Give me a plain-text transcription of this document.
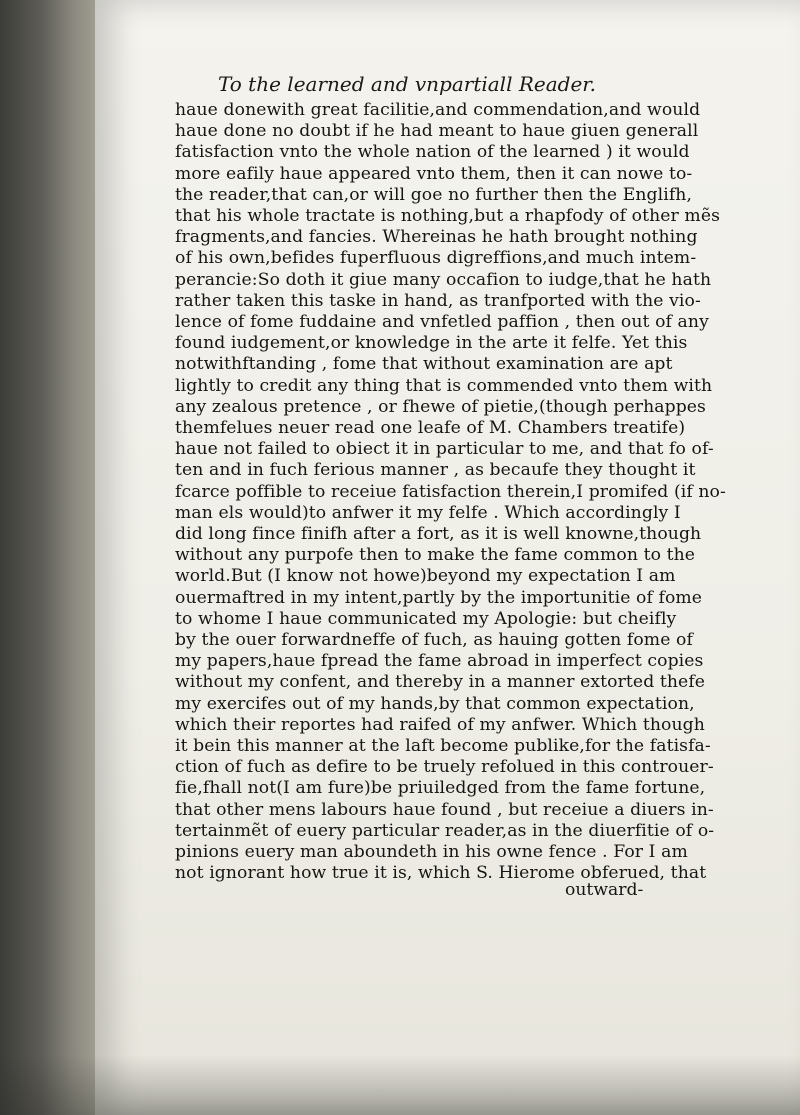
To the learned and vnpartiall Reader.
haue donewith great facilitie,and commendation,and would
haue done no doubt if he had meant to haue giuen generall
fatisfaction vnto the whole nation of the learned ) it would
more eafily haue appeared vnto them, then it can nowe to-
the reader,that can,or will goe no further then the Englifh,
that his whole tractate is nothing,but a rhapfody of other mẽs
fragments,and fancies. Whereinas he hath brought nothing
of his own,befides fuperfluous digreffions,and much intem-
perancie:So doth it giue many occafion to iudge,that he hath
rather taken this taske in hand, as tranfported with the vio-
lence of fome fuddaine and vnfetled paffion , then out of any
found iudgement,or knowledge in the arte it felfe. Yet this
notwithftanding , fome that without examination are apt
lightly to credit any thing that is commended vnto them with
any zealous pretence , or fhewe of pietie,(though perhappes
themfelues neuer read one leafe of M. Chambers treatife)
haue not failed to obiect it in particular to me, and that fo of-
ten and in fuch ferious manner , as becaufe they thought it
fcarce poffible to receiue fatisfaction therein,I promifed (if no-
man els would)to anfwer it my felfe . Which accordingly I
did long fince finifh after a fort, as it is well knowne,though
without any purpofe then to make the fame common to the
world.But (I know not howe)beyond my expectation I am
ouermaftred in my intent,partly by the importunitie of fome
to whome I haue communicated my Apologie: but cheifly
by the ouer forwardneffe of fuch, as hauing gotten fome of
my papers,haue fpread the fame abroad in imperfect copies
without my confent, and thereby in a manner extorted thefe
my exercifes out of my hands,by that common expectation,
which their reportes had raifed of my anfwer. Which though
it bein this manner at the laft become publike,for the fatisfa-
ction of fuch as defire to be truely refolued in this controuer-
fie,fhall not(I am fure)be priuiledged from the fame fortune,
that other mens labours haue found , but receiue a diuers in-
tertainmẽt of euery particular reader,as in the diuerfitie of o-
pinions euery man aboundeth in his owne fence . For I am
not ignorant how true it is, which S. Hierome obferued, that
outward-
